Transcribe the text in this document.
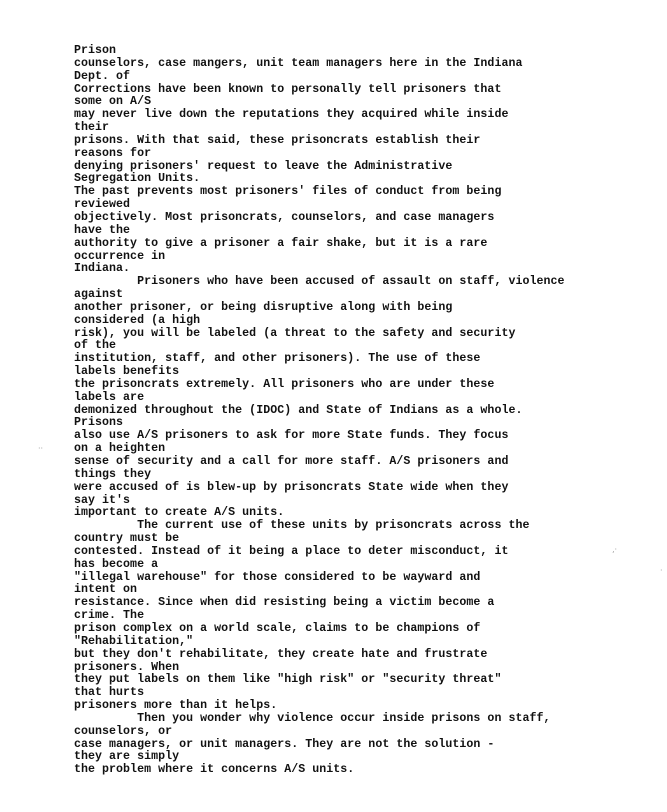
Prison
counselors, case mangers, unit team managers here in the Indiana
Dept. of
Corrections have been known to personally tell prisoners that
some on A/S
may never live down the reputations they acquired while inside
their
prisons. With that said, these prisoncrats establish their
reasons for
denying prisoners' request to leave the Administrative
Segregation Units.
The past prevents most prisoners' files of conduct from being
reviewed
objectively. Most prisoncrats, counselors, and case managers
have the
authority to give a prisoner a fair shake, but it is a rare
occurrence in
Indiana.
Prisoners who have been accused of assault on staff, violence
against
another prisoner, or being disruptive along with being
considered (a high
risk), you will be labeled (a threat to the safety and security
of the
institution, staff, and other prisoners). The use of these
labels benefits
the prisoncrats extremely. All prisoners who are under these
labels are
demonized throughout the (IDOC) and State of Indians as a whole.
Prisons
also use A/S prisoners to ask for more State funds. They focus
on a heighten
sense of security and a call for more staff. A/S prisoners and
things they
were accused of is blew-up by prisoncrats State wide when they
say it's
important to create A/S units.
The current use of these units by prisoncrats across the
country must be
contested. Instead of it being a place to deter misconduct, it
has become a
"illegal warehouse" for those considered to be wayward and
intent on
resistance. Since when did resisting being a victim become a
crime. The
prison complex on a world scale, claims to be champions of
"Rehabilitation,"
but they don't rehabilitate, they create hate and frustrate
prisoners. When
they put labels on them like "high risk" or "security threat"
that hurts
prisoners more than it helps.
Then you wonder why violence occur inside prisons on staff,
counselors, or
case managers, or unit managers. They are not the solution -
they are simply
the problem where it concerns A/S units.
··
‚·
·
